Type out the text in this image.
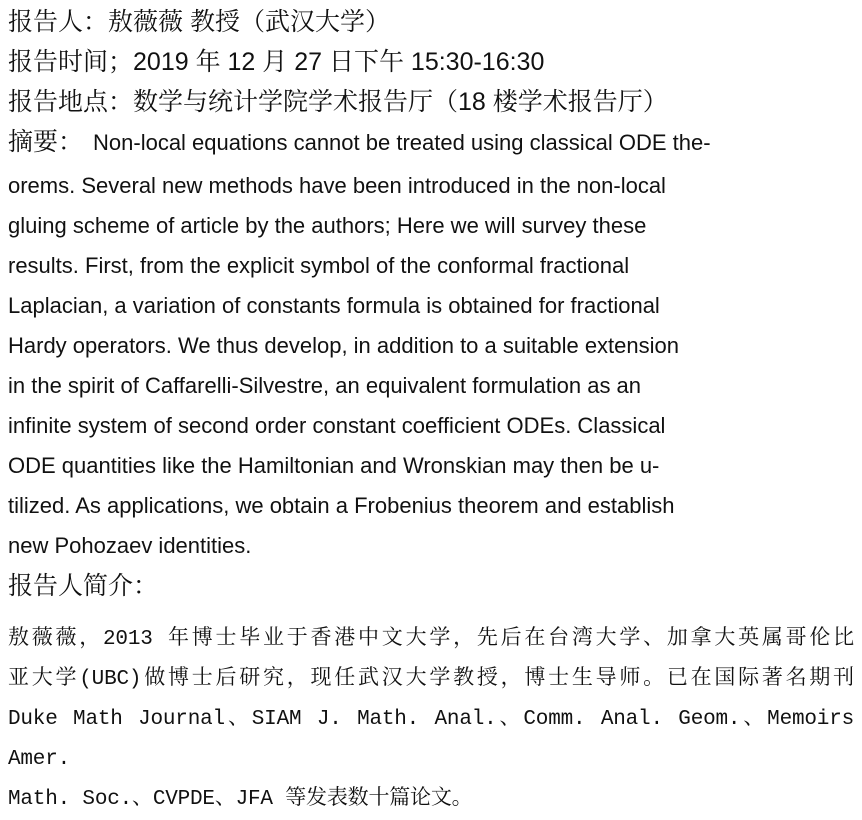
报告人：敖薇薇 教授（武汉大学）
报告时间；2019 年 12 月 27 日下午 15:30-16:30
报告地点：数学与统计学院学术报告厅（18 楼学术报告厅）
摘要： Non-local equations cannot be treated using classical ODE the-
orems. Several new methods have been introduced in the non-local
gluing scheme of article by the authors; Here we will survey these
results. First, from the explicit symbol of the conformal fractional
Laplacian, a variation of constants formula is obtained for fractional
Hardy operators. We thus develop, in addition to a suitable extension
in the spirit of Caffarelli-Silvestre, an equivalent formulation as an
infinite system of second order constant coefficient ODEs. Classical
ODE quantities like the Hamiltonian and Wronskian may then be u-
tilized. As applications, we obtain a Frobenius theorem and establish
new Pohozaev identities.
报告人简介：
敖薇薇，2013 年博士毕业于香港中文大学，先后在台湾大学、加拿大英属哥伦比
亚大学(UBC)做博士后研究，现任武汉大学教授，博士生导师。已在国际著名期刊
Duke Math Journal、SIAM J. Math. Anal.、Comm. Anal. Geom.、Memoirs Amer.
Math. Soc.、CVPDE、JFA 等发表数十篇论文。
